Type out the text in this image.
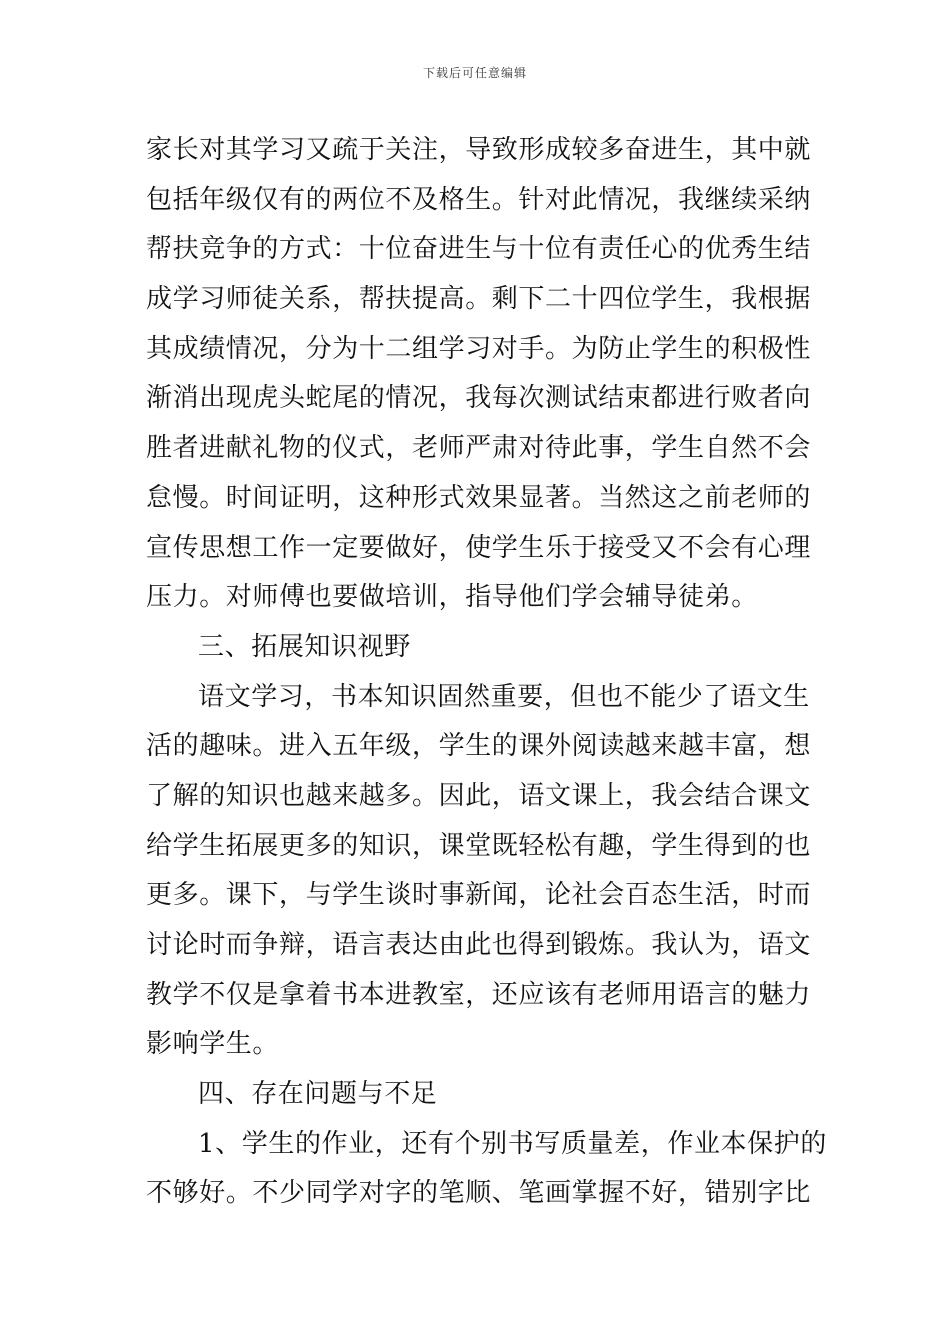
下载后可任意编辑
家长对其学习又疏于关注，导致形成较多奋进生，其中就
包括年级仅有的两位不及格生。针对此情况，我继续采纳
帮扶竞争的方式：十位奋进生与十位有责任心的优秀生结
成学习师徒关系，帮扶提高。剩下二十四位学生，我根据
其成绩情况，分为十二组学习对手。为防止学生的积极性
渐消出现虎头蛇尾的情况，我每次测试结束都进行败者向
胜者进献礼物的仪式，老师严肃对待此事，学生自然不会
怠慢。时间证明，这种形式效果显著。当然这之前老师的
宣传思想工作一定要做好，使学生乐于接受又不会有心理
压力。对师傅也要做培训，指导他们学会辅导徒弟。
三、拓展知识视野
语文学习，书本知识固然重要，但也不能少了语文生
活的趣味。进入五年级，学生的课外阅读越来越丰富，想
了解的知识也越来越多。因此，语文课上，我会结合课文
给学生拓展更多的知识，课堂既轻松有趣，学生得到的也
更多。课下，与学生谈时事新闻，论社会百态生活，时而
讨论时而争辩，语言表达由此也得到锻炼。我认为，语文
教学不仅是拿着书本进教室，还应该有老师用语言的魅力
影响学生。
四、存在问题与不足
1、学生的作业，还有个别书写质量差，作业本保护的
不够好。不少同学对字的笔顺、笔画掌握不好，错别字比
